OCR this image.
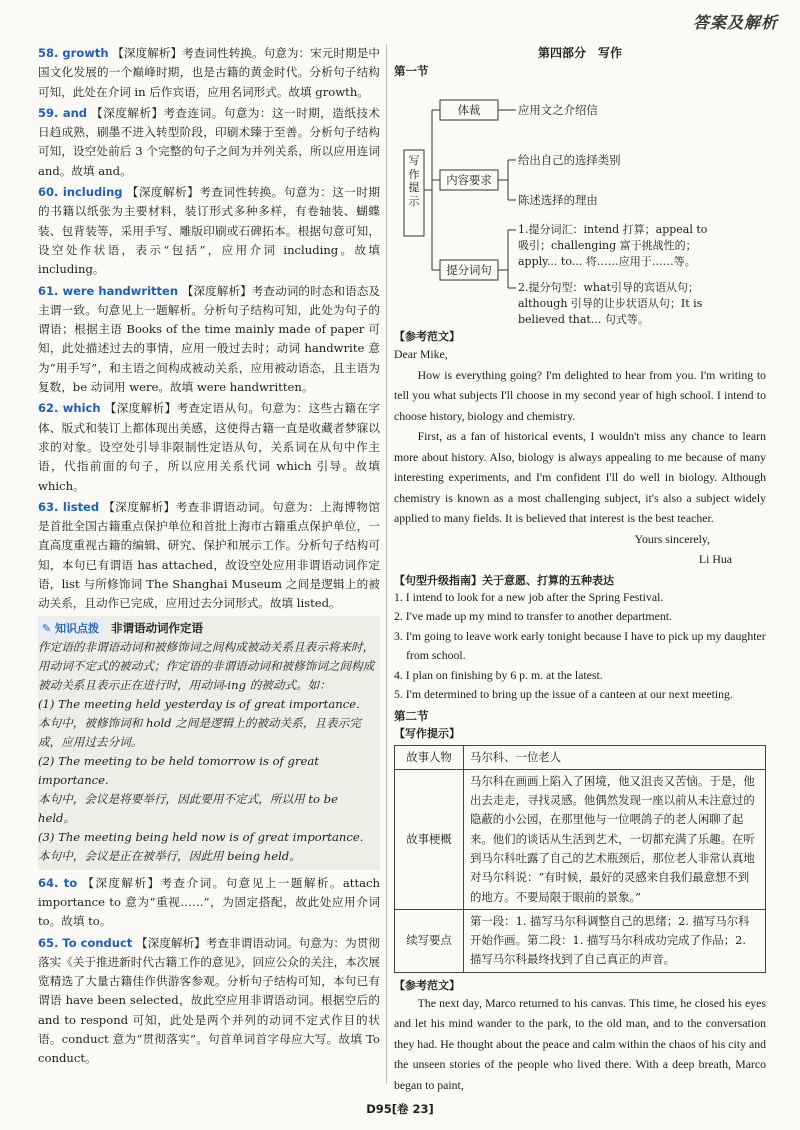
答案及解析

58. growth 【深度解析】考查词性转换。句意为：宋元时期是中国文化发展的一个巅峰时期，也是古籍的黄金时代。分析句子结构可知，此处在介词 in 后作宾语，应用名词形式。故填 growth。

59. and 【深度解析】考查连词。句意为：这一时期，造纸技术日趋成熟，刷墨不进入转型阶段，印刷术臻于至善。分析句子结构可知，设空处前后 3 个完整的句子之间为并列关系，所以应用连词 and。故填 and。

60. including 【深度解析】考查词性转换。句意为：这一时期的书籍以纸张为主要材料，装订形式多种多样，有卷轴装、蝴蝶装、包背装等，采用手写、雕版印刷或石碑拓本。根据句意可知，设空处作状语，表示“包括”，应用介词 including。故填 including。

61. were handwritten 【深度解析】考查动词的时态和语态及主谓一致。句意见上一题解析。分析句子结构可知，此处为句子的谓语；根据主语 Books of the time mainly made of paper 可知，此处描述过去的事情，应用一般过去时；动词 handwrite 意为“用手写”，和主语之间构成被动关系，应用被动语态，且主语为复数，be 动词用 were。故填 were handwritten。

62. which 【深度解析】考查定语从句。句意为：这些古籍在字体、版式和装订上都体现出美感，这使得古籍一直是收藏者梦寐以求的对象。设空处引导非限制性定语从句，关系词在从句中作主语，代指前面的句子，所以应用关系代词 which 引导。故填 which。

63. listed 【深度解析】考查非谓语动词。句意为：上海博物馆是首批全国古籍重点保护单位和首批上海市古籍重点保护单位，一直高度重视古籍的编辑、研究、保护和展示工作。分析句子结构可知，本句已有谓语 has attached，故设空处应用非谓语动词作定语，list 与所修饰词 The Shanghai Museum 之间是逻辑上的被动关系，且动作已完成，应用过去分词形式。故填 listed。

✎ 知识点拨	非谓语动词作定语
作定语的非谓语动词和被修饰词之间构成被动关系且表示将来时，用动词不定式的被动式；作定语的非谓语动词和被修饰词之间构成被动关系且表示正在进行时，用动词-ing 的被动式。如：
(1) The meeting held yesterday is of great importance.
本句中，被修饰词和 hold 之间是逻辑上的被动关系，且表示完成，应用过去分词。
(2) The meeting to be held tomorrow is of great importance.
本句中，会议是将要举行，因此要用不定式，所以用 to be held。
(3) The meeting being held now is of great importance.
本句中，会议是正在被举行，因此用 being held。

64. to 【深度解析】考查介词。句意见上一题解析。attach importance to 意为“重视……”，为固定搭配，故此处应用介词 to。故填 to。

65. To conduct 【深度解析】考查非谓语动词。句意为：为贯彻落实《关于推进新时代古籍工作的意见》，回应公众的关注，本次展览精选了大量古籍佳作供游客参观。分析句子结构可知，本句已有谓语 have been selected，故此空应用非谓语动词。根据空后的 and to respond 可知，此处是两个并列的动词不定式作目的状语。conduct 意为“贯彻落实”。句首单词首字母应大写。故填 To conduct。

第四部分　写作
第一节
写作提示
体裁
内容要求
提分词句
应用文之介绍信
给出自己的选择类别
陈述选择的理由
1.提分词汇：intend 打算；appeal to 吸引；challenging 富于挑战性的；apply... to... 将……应用于……等。
2.提分句型：what引导的宾语从句；although 引导的让步状语从句；It is believed that... 句式等。
【参考范文】

Dear Mike,

How is everything going? I'm delighted to hear from you. I'm writing to tell you what subjects I'll choose in my second year of high school. I intend to choose history, biology and chemistry.

First, as a fan of historical events, I wouldn't miss any chance to learn more about history. Also, biology is always appealing to me because of many interesting experiments, and I'm confident I'll do well in biology. Although chemistry is known as a most challenging subject, it's also a subject widely applied to many fields. It is believed that interest is the best teacher.

Yours sincerely,

Li Hua

【句型升级指南】关于意愿、打算的五种表达
1. I intend to look for a new job after the Spring Festival.
2. I've made up my mind to transfer to another department.
3. I'm going to leave work early tonight because I have to pick up my daughter from school.
4. I plan on finishing by 6 p. m. at the latest.
5. I'm determined to bring up the issue of a canteen at our next meeting.
第二节
【写作提示】
故事人物	马尔科、一位老人
故事梗概	马尔科在画画上陷入了困境，他又沮丧又苦恼。于是，他出去走走，寻找灵感。他偶然发现一座以前从未注意过的隐蔽的小公园，在那里他与一位喂鸽子的老人闲聊了起来。他们的谈话从生活到艺术，一切都充满了乐趣。在听到马尔科吐露了自己的艺术瓶颈后，那位老人非常认真地对马尔科说：“有时候，最好的灵感来自我们最意想不到的地方。不要局限于眼前的景象。”
续写要点	第一段：1. 描写马尔科调整自己的思绪；2. 描写马尔科开始作画。第二段：1. 描写马尔科成功完成了作品；2. 描写马尔科最终找到了自己真正的声音。
【参考范文】

The next day, Marco returned to his canvas. This time, he closed his eyes and let his mind wander to the park, to the old man, and to the conversation they had. He thought about the peace and calm within the chaos of his city and the unseen stories of the people who lived there. With a deep breath, Marco began to paint,

D95[卷 23]
